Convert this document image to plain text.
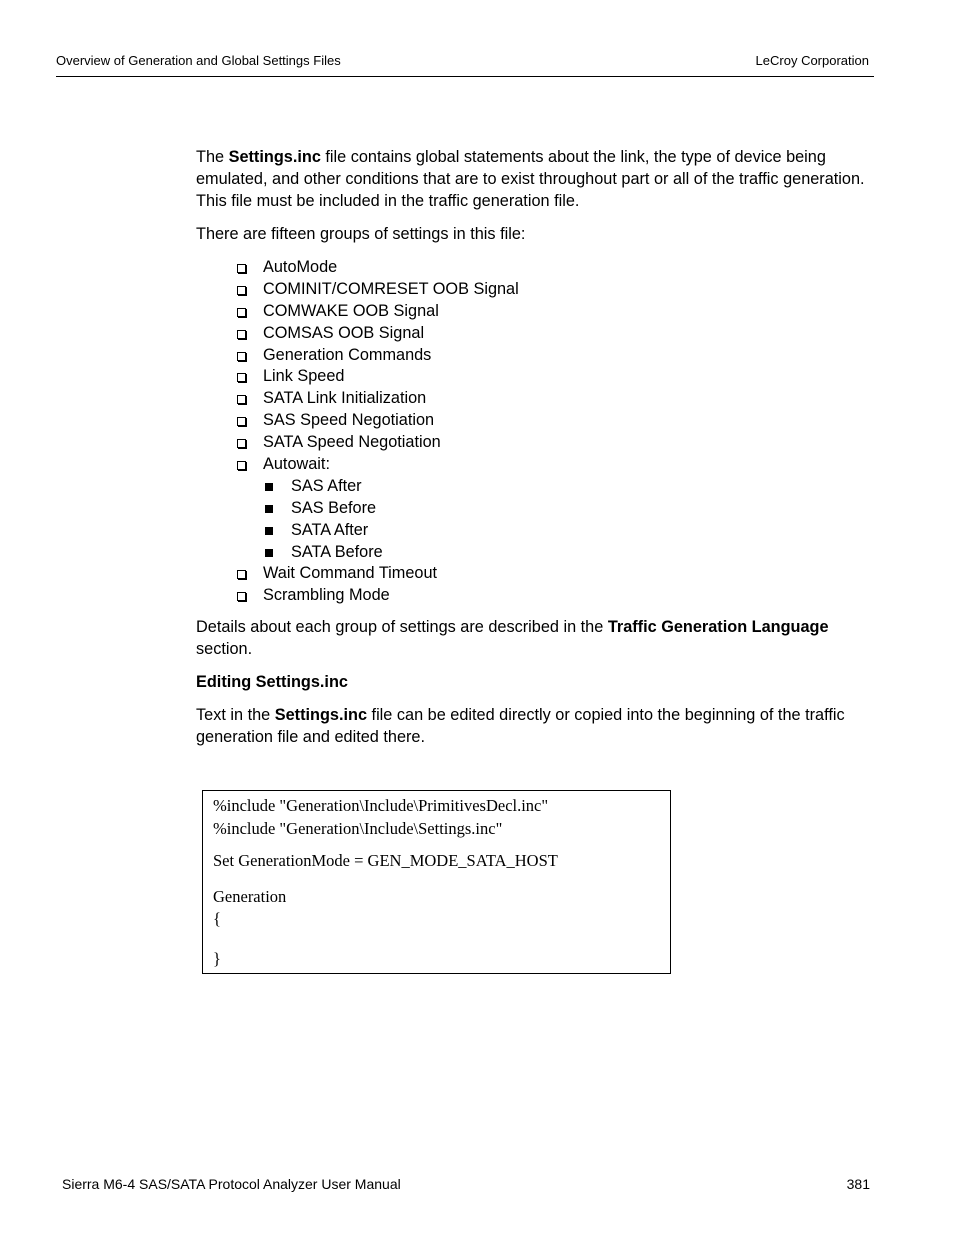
Overview of Generation and Global Settings Files	LeCroy Corporation

The Settings.inc file contains global statements about the link, the type of device being emulated, and other conditions that are to exist throughout part or all of the traffic generation. This file must be included in the traffic generation file.

There are fifteen groups of settings in this file:

AutoMode
COMINIT/COMRESET OOB Signal
COMWAKE OOB Signal
COMSAS OOB Signal
Generation Commands
Link Speed
SATA Link Initialization
SAS Speed Negotiation
SATA Speed Negotiation
Autowait:
SAS After
SAS Before
SATA After
SATA Before
Wait Command Timeout
Scrambling Mode

Details about each group of settings are described in the Traffic Generation Language section.

Editing Settings.inc

Text in the Settings.inc file can be edited directly or copied into the beginning of the traffic generation file and edited there.

%include "Generation\Include\PrimitivesDecl.inc"
%include "Generation\Include\Settings.inc"
Set GenerationMode = GEN_MODE_SATA_HOST
Generation
{
}
Sierra M6-4 SAS/SATA Protocol Analyzer User Manual	381
